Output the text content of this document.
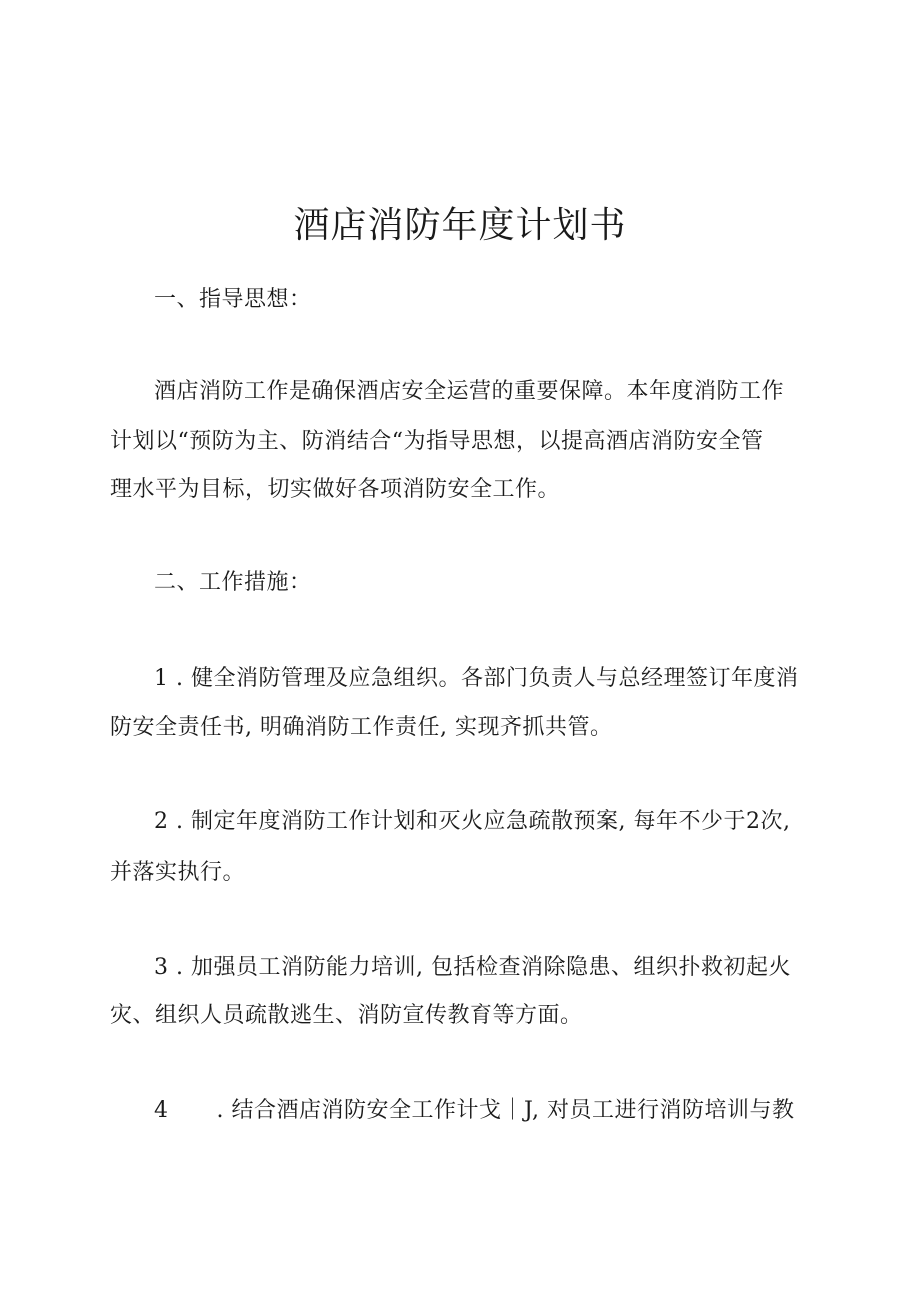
酒店消防年度计划书
一、指导思想：
酒店消防工作是确保酒店安全运营的重要保障。本年度消防工作
计划以“预防为主、防消结合“为指导思想，以提高酒店消防安全管
理水平为目标，切实做好各项消防安全工作。
二、工作措施：
1 . 健全消防管理及应急组织。各部门负责人与总经理签订年度消
防安全责任书, 明确消防工作责任, 实现齐抓共管。
2 . 制定年度消防工作计划和灭火应急疏散预案, 每年不少于2次,
并落实执行。
3 . 加强员工消防能力培训, 包括检查消除隐患、组织扑救初起火
灾、组织人员疏散逃生、消防宣传教育等方面。
4 . 结合酒店消防安全工作计戈｜J, 对员工进行消防培训与教
